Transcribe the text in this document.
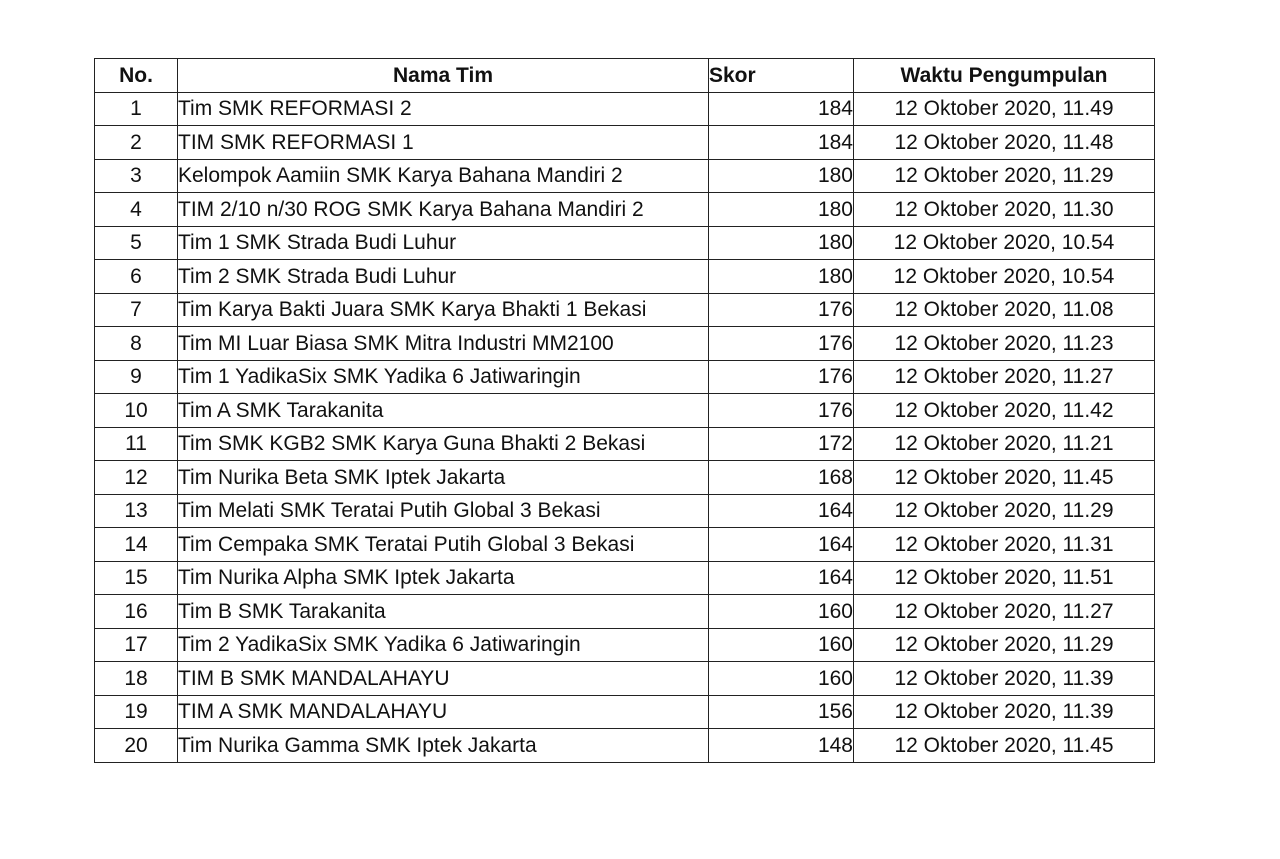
No.	Nama Tim	Skor	Waktu Pengumpulan
1	Tim SMK REFORMASI 2	184	12 Oktober 2020, 11.49
2	TIM SMK REFORMASI 1	184	12 Oktober 2020, 11.48
3	Kelompok Aamiin SMK Karya Bahana Mandiri 2	180	12 Oktober 2020, 11.29
4	TIM 2/10 n/30 ROG SMK Karya Bahana Mandiri 2	180	12 Oktober 2020, 11.30
5	Tim 1 SMK Strada Budi Luhur	180	12 Oktober 2020, 10.54
6	Tim 2 SMK Strada Budi Luhur	180	12 Oktober 2020, 10.54
7	Tim Karya Bakti Juara SMK Karya Bhakti 1 Bekasi	176	12 Oktober 2020, 11.08
8	Tim MI Luar Biasa SMK Mitra Industri MM2100	176	12 Oktober 2020, 11.23
9	Tim 1 YadikaSix SMK Yadika 6 Jatiwaringin	176	12 Oktober 2020, 11.27
10	Tim A SMK Tarakanita	176	12 Oktober 2020, 11.42
11	Tim SMK KGB2 SMK Karya Guna Bhakti 2 Bekasi	172	12 Oktober 2020, 11.21
12	Tim Nurika Beta SMK Iptek Jakarta	168	12 Oktober 2020, 11.45
13	Tim Melati SMK Teratai Putih Global 3 Bekasi	164	12 Oktober 2020, 11.29
14	Tim Cempaka SMK Teratai Putih Global 3 Bekasi	164	12 Oktober 2020, 11.31
15	Tim Nurika Alpha SMK Iptek Jakarta	164	12 Oktober 2020, 11.51
16	Tim B SMK Tarakanita	160	12 Oktober 2020, 11.27
17	Tim 2 YadikaSix SMK Yadika 6 Jatiwaringin	160	12 Oktober 2020, 11.29
18	TIM B SMK MANDALAHAYU	160	12 Oktober 2020, 11.39
19	TIM A SMK MANDALAHAYU	156	12 Oktober 2020, 11.39
20	Tim Nurika Gamma SMK Iptek Jakarta	148	12 Oktober 2020, 11.45
